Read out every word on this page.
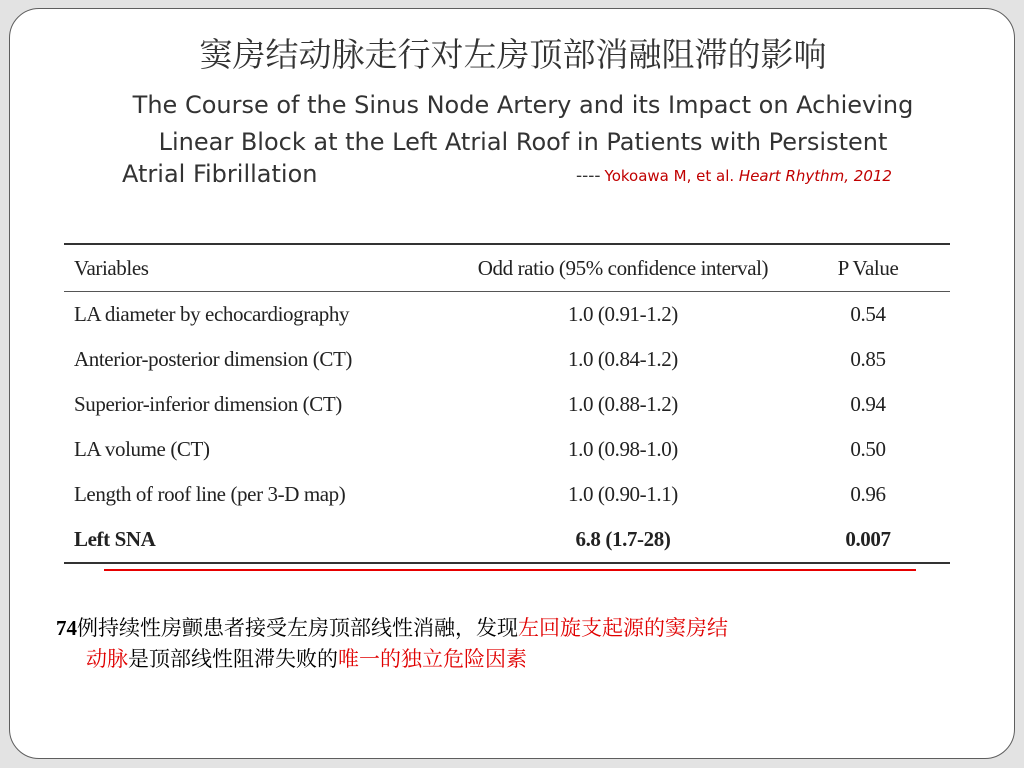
窦房结动脉走行对左房顶部消融阻滞的影响
The Course of the Sinus Node Artery and its Impact on Achieving
Linear Block at the Left Atrial Roof in Patients with Persistent
Atrial Fibrillation	---- Yokoawa M, et al. Heart Rhythm, 2012
Variables	Odd ratio (95% confidence interval)	P Value
LA diameter by echocardiography	1.0 (0.91-1.2)	0.54
Anterior-posterior dimension (CT)	1.0 (0.84-1.2)	0.85
Superior-inferior dimension (CT)	1.0 (0.88-1.2)	0.94
LA volume (CT)	1.0 (0.98-1.0)	0.50
Length of roof line (per 3-D map)	1.0 (0.90-1.1)	0.96
Left SNA	6.8 (1.7-28)	0.007
74例持续性房颤患者接受左房顶部线性消融，发现左回旋支起源的窦房结
动脉是顶部线性阻滞失败的唯一的独立危险因素
